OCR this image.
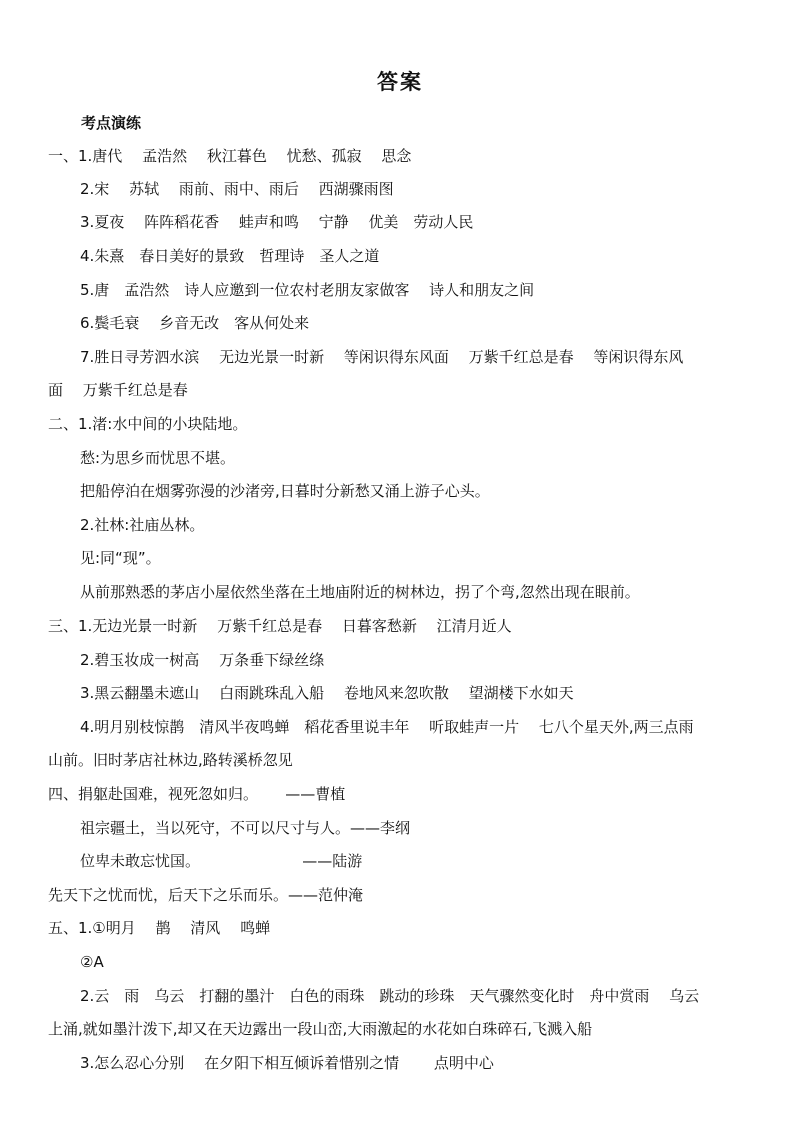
答案
考点演练
一、1.唐代　 孟浩然　 秋江暮色　 忧愁、孤寂　 思念
2.宋　 苏轼　 雨前、雨中、雨后　 西湖骤雨图
3.夏夜　 阵阵稻花香　 蛙声和鸣　 宁静　 优美　劳动人民
4.朱熹　春日美好的景致　哲理诗　圣人之道
5.唐　孟浩然　诗人应邀到一位农村老朋友家做客　 诗人和朋友之间
6.鬓毛衰　 乡音无改　客从何处来
7.胜日寻芳泗水滨　 无边光景一时新　 等闲识得东风面　 万紫千红总是春　 等闲识得东风
面　 万紫千红总是春
二、1.渚:水中间的小块陆地。
愁:为思乡而忧思不堪。
把船停泊在烟雾弥漫的沙渚旁,日暮时分新愁又涌上游子心头。
2.社林:社庙丛林。
见:同“现”。
从前那熟悉的茅店小屋依然坐落在土地庙附近的树林边，拐了个弯,忽然出现在眼前。
三、1.无边光景一时新　 万紫千红总是春　 日暮客愁新　 江清月近人
2.碧玉妆成一树高　 万条垂下绿丝绦
3.黑云翻墨未遮山　 白雨跳珠乱入船　 卷地风来忽吹散　 望湖楼下水如天
4.明月别枝惊鹊　清风半夜鸣蝉　稻花香里说丰年　 听取蛙声一片　 七八个星天外,两三点雨
山前。旧时茅店社林边,路转溪桥忽见
四、捐躯赴国难，视死忽如归。　　 ——曹植
祖宗疆土，当以死守，不可以尺寸与人。——李纲
位卑未敢忘忧国。　　　　　　　 ——陆游
先天下之忧而忧，后天下之乐而乐。——范仲淹
五、1.①明月　 鹊　 清风　 鸣蝉
②A
2.云　雨　乌云　打翻的墨汁　白色的雨珠　跳动的珍珠　天气骤然变化时　舟中赏雨　 乌云
上涌,就如墨汁泼下,却又在天边露出一段山峦,大雨激起的水花如白珠碎石,飞溅入船
3.怎么忍心分别　 在夕阳下相互倾诉着惜别之情　　 点明中心
